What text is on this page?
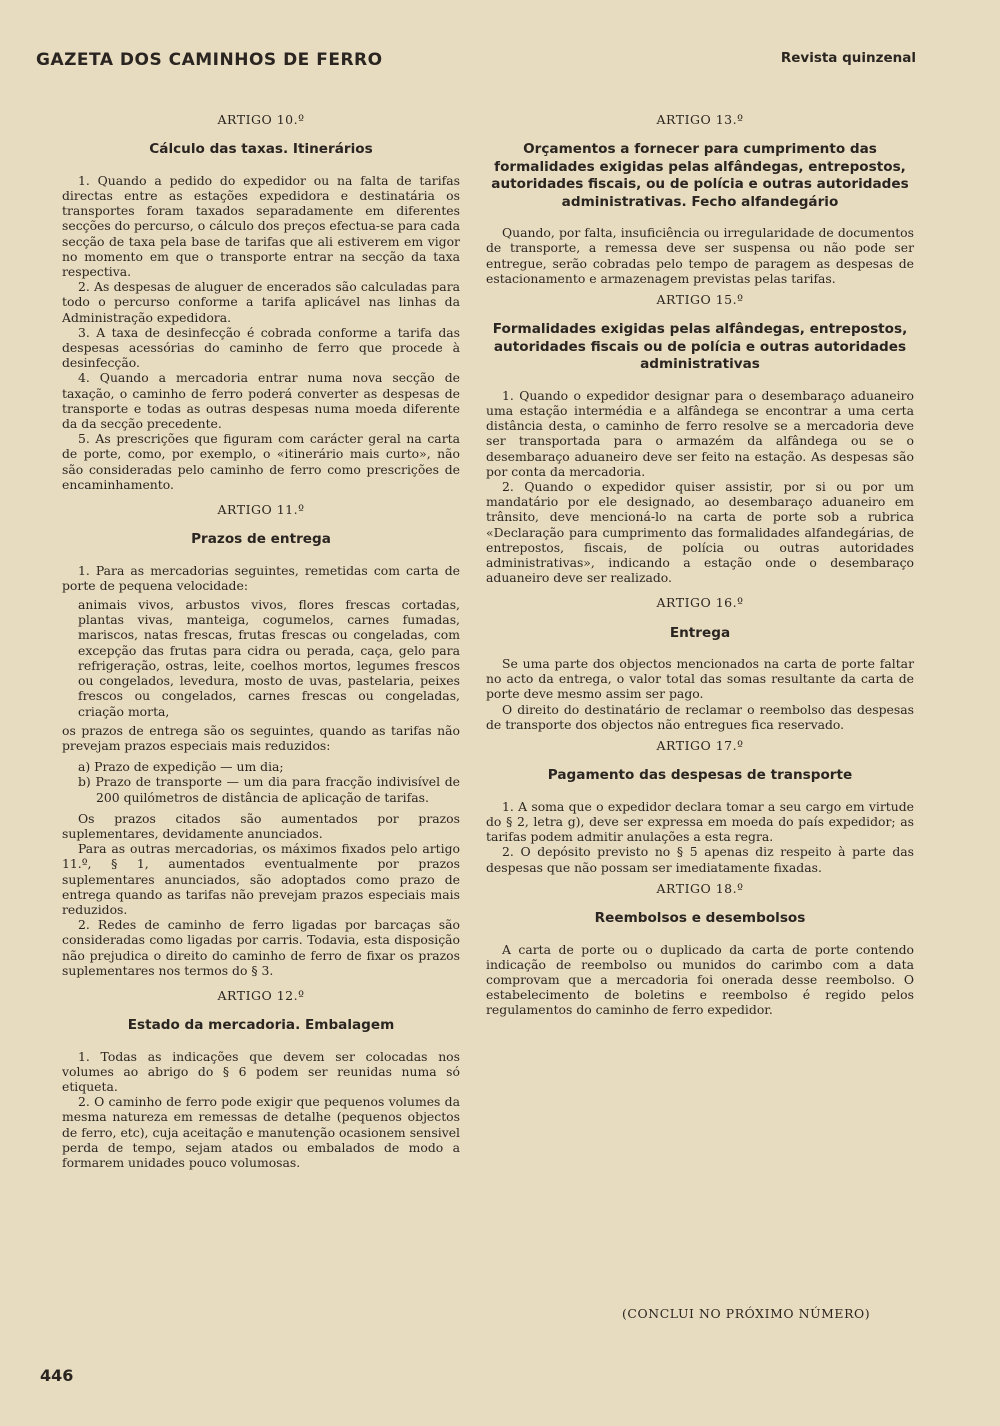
GAZETA DOS CAMINHOS DE FERRO	Revista quinzenal
ARTIGO 10.º
Cálculo das taxas. Itinerários

1. Quando a pedido do expedidor ou na falta de tarifas directas entre as estações expedidora e destinatária os transportes foram taxados separadamente em diferentes secções do percurso, o cálculo dos preços efectua-se para cada secção de taxa pela base de tarifas que ali estiverem em vigor no momento em que o transporte entrar na secção da taxa respectiva.

2. As despesas de aluguer de encerados são calculadas para todo o percurso conforme a tarifa aplicável nas linhas da Administração expedidora.

3. A taxa de desinfecção é cobrada conforme a tarifa das despesas acessórias do caminho de ferro que procede à desinfecção.

4. Quando a mercadoria entrar numa nova secção de taxação, o caminho de ferro poderá converter as despesas de transporte e todas as outras despesas numa moeda diferente da da secção precedente.

5. As prescrições que figuram com carácter geral na carta de porte, como, por exemplo, o «itinerário mais curto», não são consideradas pelo caminho de ferro como prescrições de encaminhamento.

ARTIGO 11.º
Prazos de entrega

1. Para as mercadorias seguintes, remetidas com carta de porte de pequena velocidade:

animais vivos, arbustos vivos, flores frescas cortadas, plantas vivas, manteiga, cogumelos, carnes fumadas, mariscos, natas frescas, frutas frescas ou congeladas, com excepção das frutas para cidra ou perada, caça, gelo para refrigeração, ostras, leite, coelhos mortos, legumes frescos ou congelados, levedura, mosto de uvas, pastelaria, peixes frescos ou congelados, carnes frescas ou congeladas, criação morta,

os prazos de entrega são os seguintes, quando as tarifas não prevejam prazos especiais mais reduzidos:

a) Prazo de expedição — um dia;

b) Prazo de transporte — um dia para fracção indivisível de 200 quilómetros de distância de aplicação de tarifas.

Os prazos citados são aumentados por prazos suplementares, devidamente anunciados.

Para as outras mercadorias, os máximos fixados pelo artigo 11.º, § 1, aumentados eventualmente por prazos suplementares anunciados, são adoptados como prazo de entrega quando as tarifas não prevejam prazos especiais mais reduzidos.

2. Redes de caminho de ferro ligadas por barcaças são consideradas como ligadas por carris. Todavia, esta disposição não prejudica o direito do caminho de ferro de fixar os prazos suplementares nos termos do § 3.

ARTIGO 12.º
Estado da mercadoria. Embalagem

1. Todas as indicações que devem ser colocadas nos volumes ao abrigo do § 6 podem ser reunidas numa só etiqueta.

2. O caminho de ferro pode exigir que pequenos volumes da mesma natureza em remessas de detalhe (pequenos objectos de ferro, etc), cuja aceitação e manutenção ocasionem sensivel perda de tempo, sejam atados ou embalados de modo a formarem unidades pouco volumosas.

ARTIGO 13.º
Orçamentos a fornecer para cumprimento das formalidades exigidas pelas alfândegas, entrepostos, autoridades fiscais, ou de polícia e outras autoridades administrativas. Fecho alfandegário

Quando, por falta, insuficiência ou irregularidade de documentos de transporte, a remessa deve ser suspensa ou não pode ser entregue, serão cobradas pelo tempo de paragem as despesas de estacionamento e armazenagem previstas pelas tarifas.

ARTIGO 15.º
Formalidades exigidas pelas alfândegas, entrepostos, autoridades fiscais ou de polícia e outras autoridades administrativas

1. Quando o expedidor designar para o desembaraço aduaneiro uma estação intermédia e a alfândega se encontrar a uma certa distância desta, o caminho de ferro resolve se a mercadoria deve ser transportada para o armazém da alfândega ou se o desembaraço aduaneiro deve ser feito na estação. As despesas são por conta da mercadoria.

2. Quando o expedidor quiser assistir, por si ou por um mandatário por ele designado, ao desembaraço aduaneiro em trânsito, deve mencioná-lo na carta de porte sob a rubrica «Declaração para cumprimento das formalidades alfandegárias, de entrepostos, fiscais, de polícia ou outras autoridades administrativas», indicando a estação onde o desembaraço aduaneiro deve ser realizado.

ARTIGO 16.º
Entrega

Se uma parte dos objectos mencionados na carta de porte faltar no acto da entrega, o valor total das somas resultante da carta de porte deve mesmo assim ser pago.

O direito do destinatário de reclamar o reembolso das despesas de transporte dos objectos não entregues fica reservado.

ARTIGO 17.º
Pagamento das despesas de transporte

1. A soma que o expedidor declara tomar a seu cargo em virtude do § 2, letra g), deve ser expressa em moeda do país expedidor; as tarifas podem admitir anulações a esta regra.

2. O depósito previsto no § 5 apenas diz respeito à parte das despesas que não possam ser imediatamente fixadas.

ARTIGO 18.º
Reembolsos e desembolsos

A carta de porte ou o duplicado da carta de porte contendo indicação de reembolso ou munidos do carimbo com a data comprovam que a mercadoria foi onerada desse reembolso. O estabelecimento de boletins e reembolso é regido pelos regulamentos do caminho de ferro expedidor.

(CONCLUI NO PRÓXIMO NÚMERO)
446
